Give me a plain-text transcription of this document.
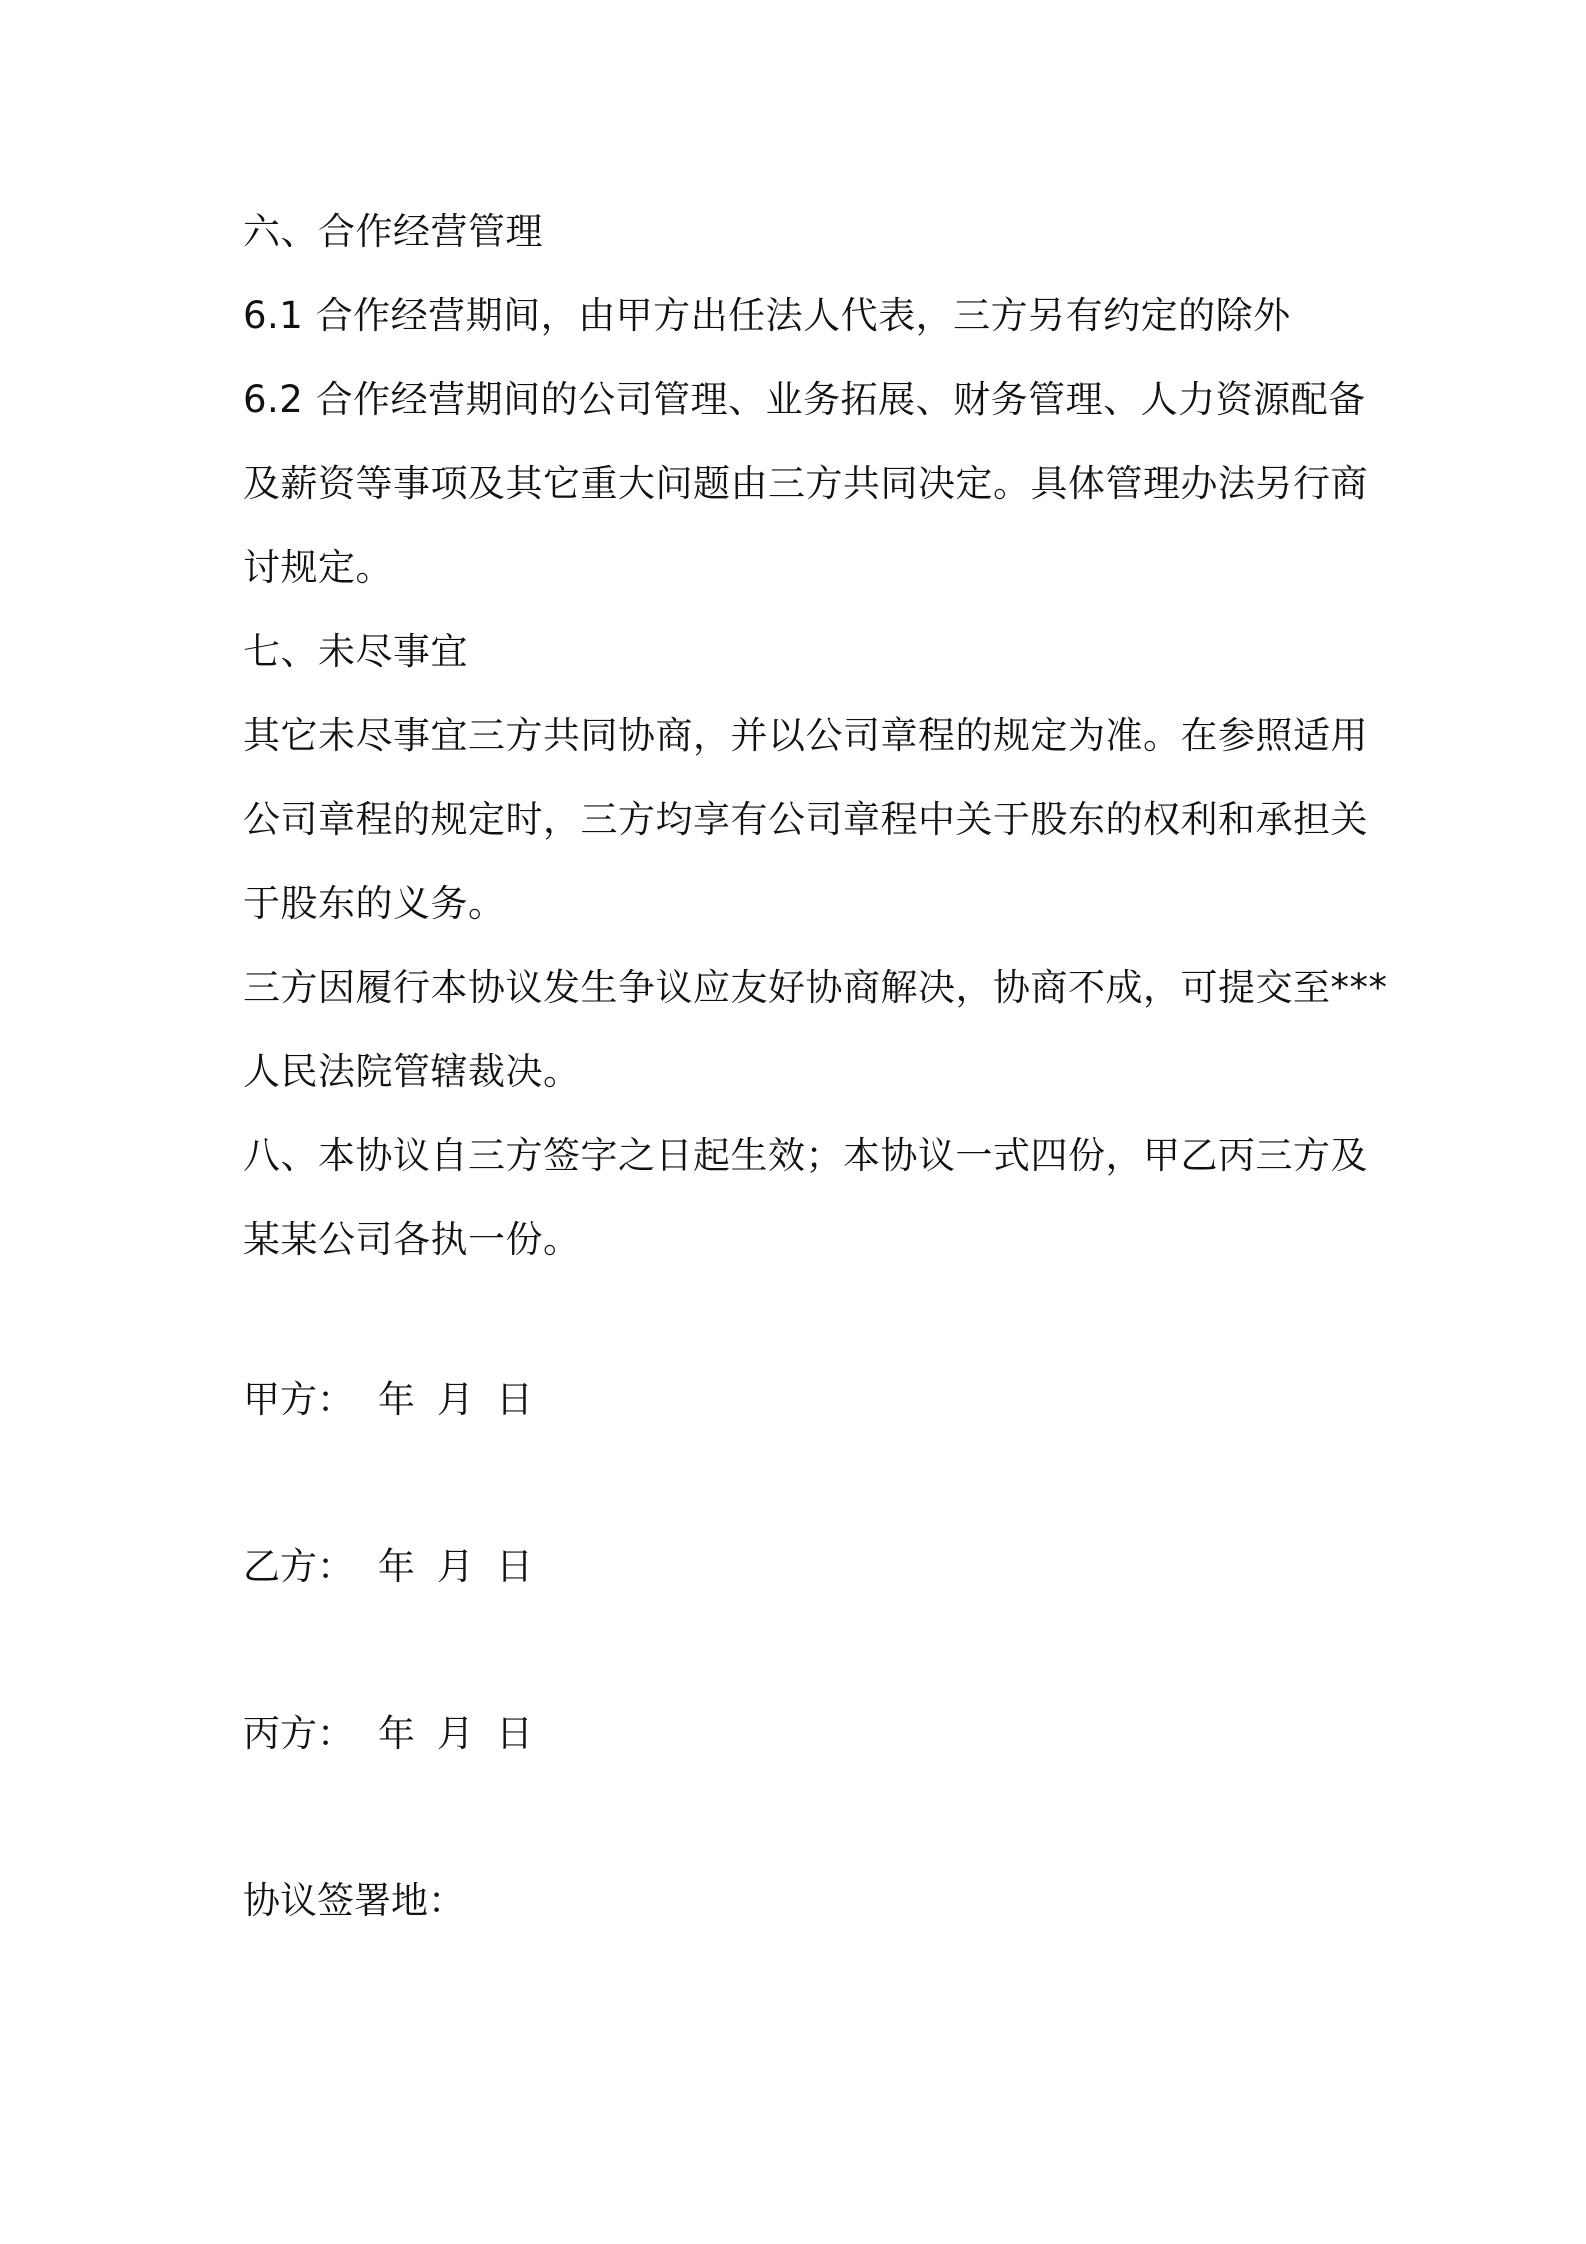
六、合作经营管理
6.1 合作经营期间，由甲方出任法人代表，三方另有约定的除外
6.2 合作经营期间的公司管理、业务拓展、财务管理、人力资源配备
及薪资等事项及其它重大问题由三方共同决定。具体管理办法另行商
讨规定。
七、未尽事宜
其它未尽事宜三方共同协商，并以公司章程的规定为准。在参照适用
公司章程的规定时，三方均享有公司章程中关于股东的权利和承担关
于股东的义务。
三方因履行本协议发生争议应友好协商解决，协商不成，可提交至***
人民法院管辖裁决。
八、本协议自三方签字之日起生效；本协议一式四份，甲乙丙三方及
某某公司各执一份。
甲方： 年 月 日
乙方： 年 月 日
丙方： 年 月 日
协议签署地：
